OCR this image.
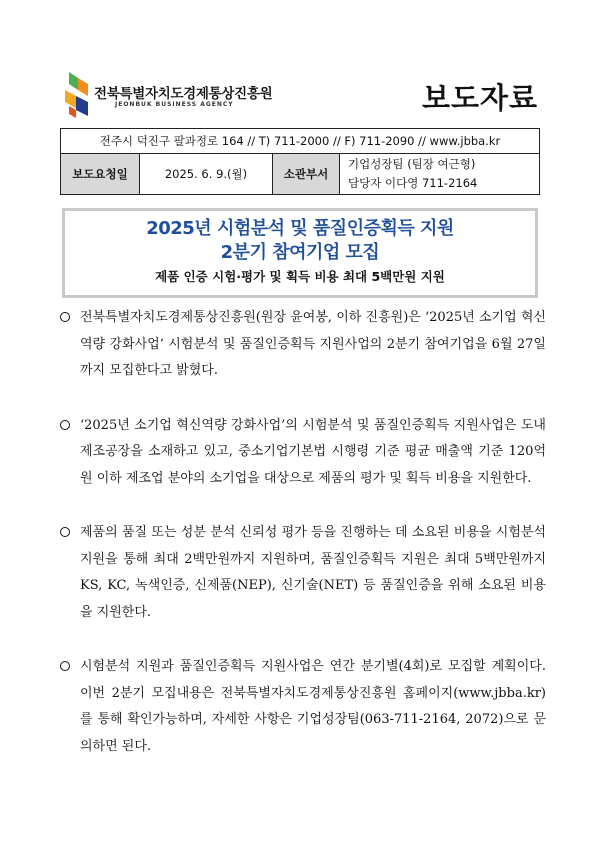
전북특별자치도경제통상진흥원
JEONBUK BUSINESS AGENCY	보도자료
전주시 덕진구 팔과정로 164 // T) 711-2000 // F) 711-2090 // www.jbba.kr
보도요청일	2025. 6. 9.(월)	소관부서	
기업성장팀 (팀장 여근형)
담당자 이다영 711-2164
2025년 시험분석 및 품질인증획득 지원
2분기 참여기업 모집
제품 인증 시험·평가 및 획득 비용 최대 5백만원 지원

전북특별자치도경제통상진흥원(원장 윤여봉, 이하 진흥원)은 ‘2025년 소기업 혁신역량 강화사업’ 시험분석 및 품질인증획득 지원사업의 2분기 참여기업을 6월 27일까지 모집한다고 밝혔다.

‘2025년 소기업 혁신역량 강화사업’의 시험분석 및 품질인증획득 지원사업은 도내 제조공장을 소재하고 있고, 중소기업기본법 시행령 기준 평균 매출액 기준 120억원 이하 제조업 분야의 소기업을 대상으로 제품의 평가 및 획득 비용을 지원한다.

제품의 품질 또는 성분 분석 신뢰성 평가 등을 진행하는 데 소요된 비용을 시험분석 지원을 통해 최대 2백만원까지 지원하며, 품질인증획득 지원은 최대 5백만원까지 KS, KC, 녹색인증, 신제품(NEP), 신기술(NET) 등 품질인증을 위해 소요된 비용을 지원한다.

시험분석 지원과 품질인증획득 지원사업은 연간 분기별(4회)로 모집할 계획이다. 이번 2분기 모집내용은 전북특별자치도경제통상진흥원 홈페이지(www.jbba.kr)를 통해 확인가능하며, 자세한 사항은 기업성장팀(063-711-2164, 2072)으로 문의하면 된다.
